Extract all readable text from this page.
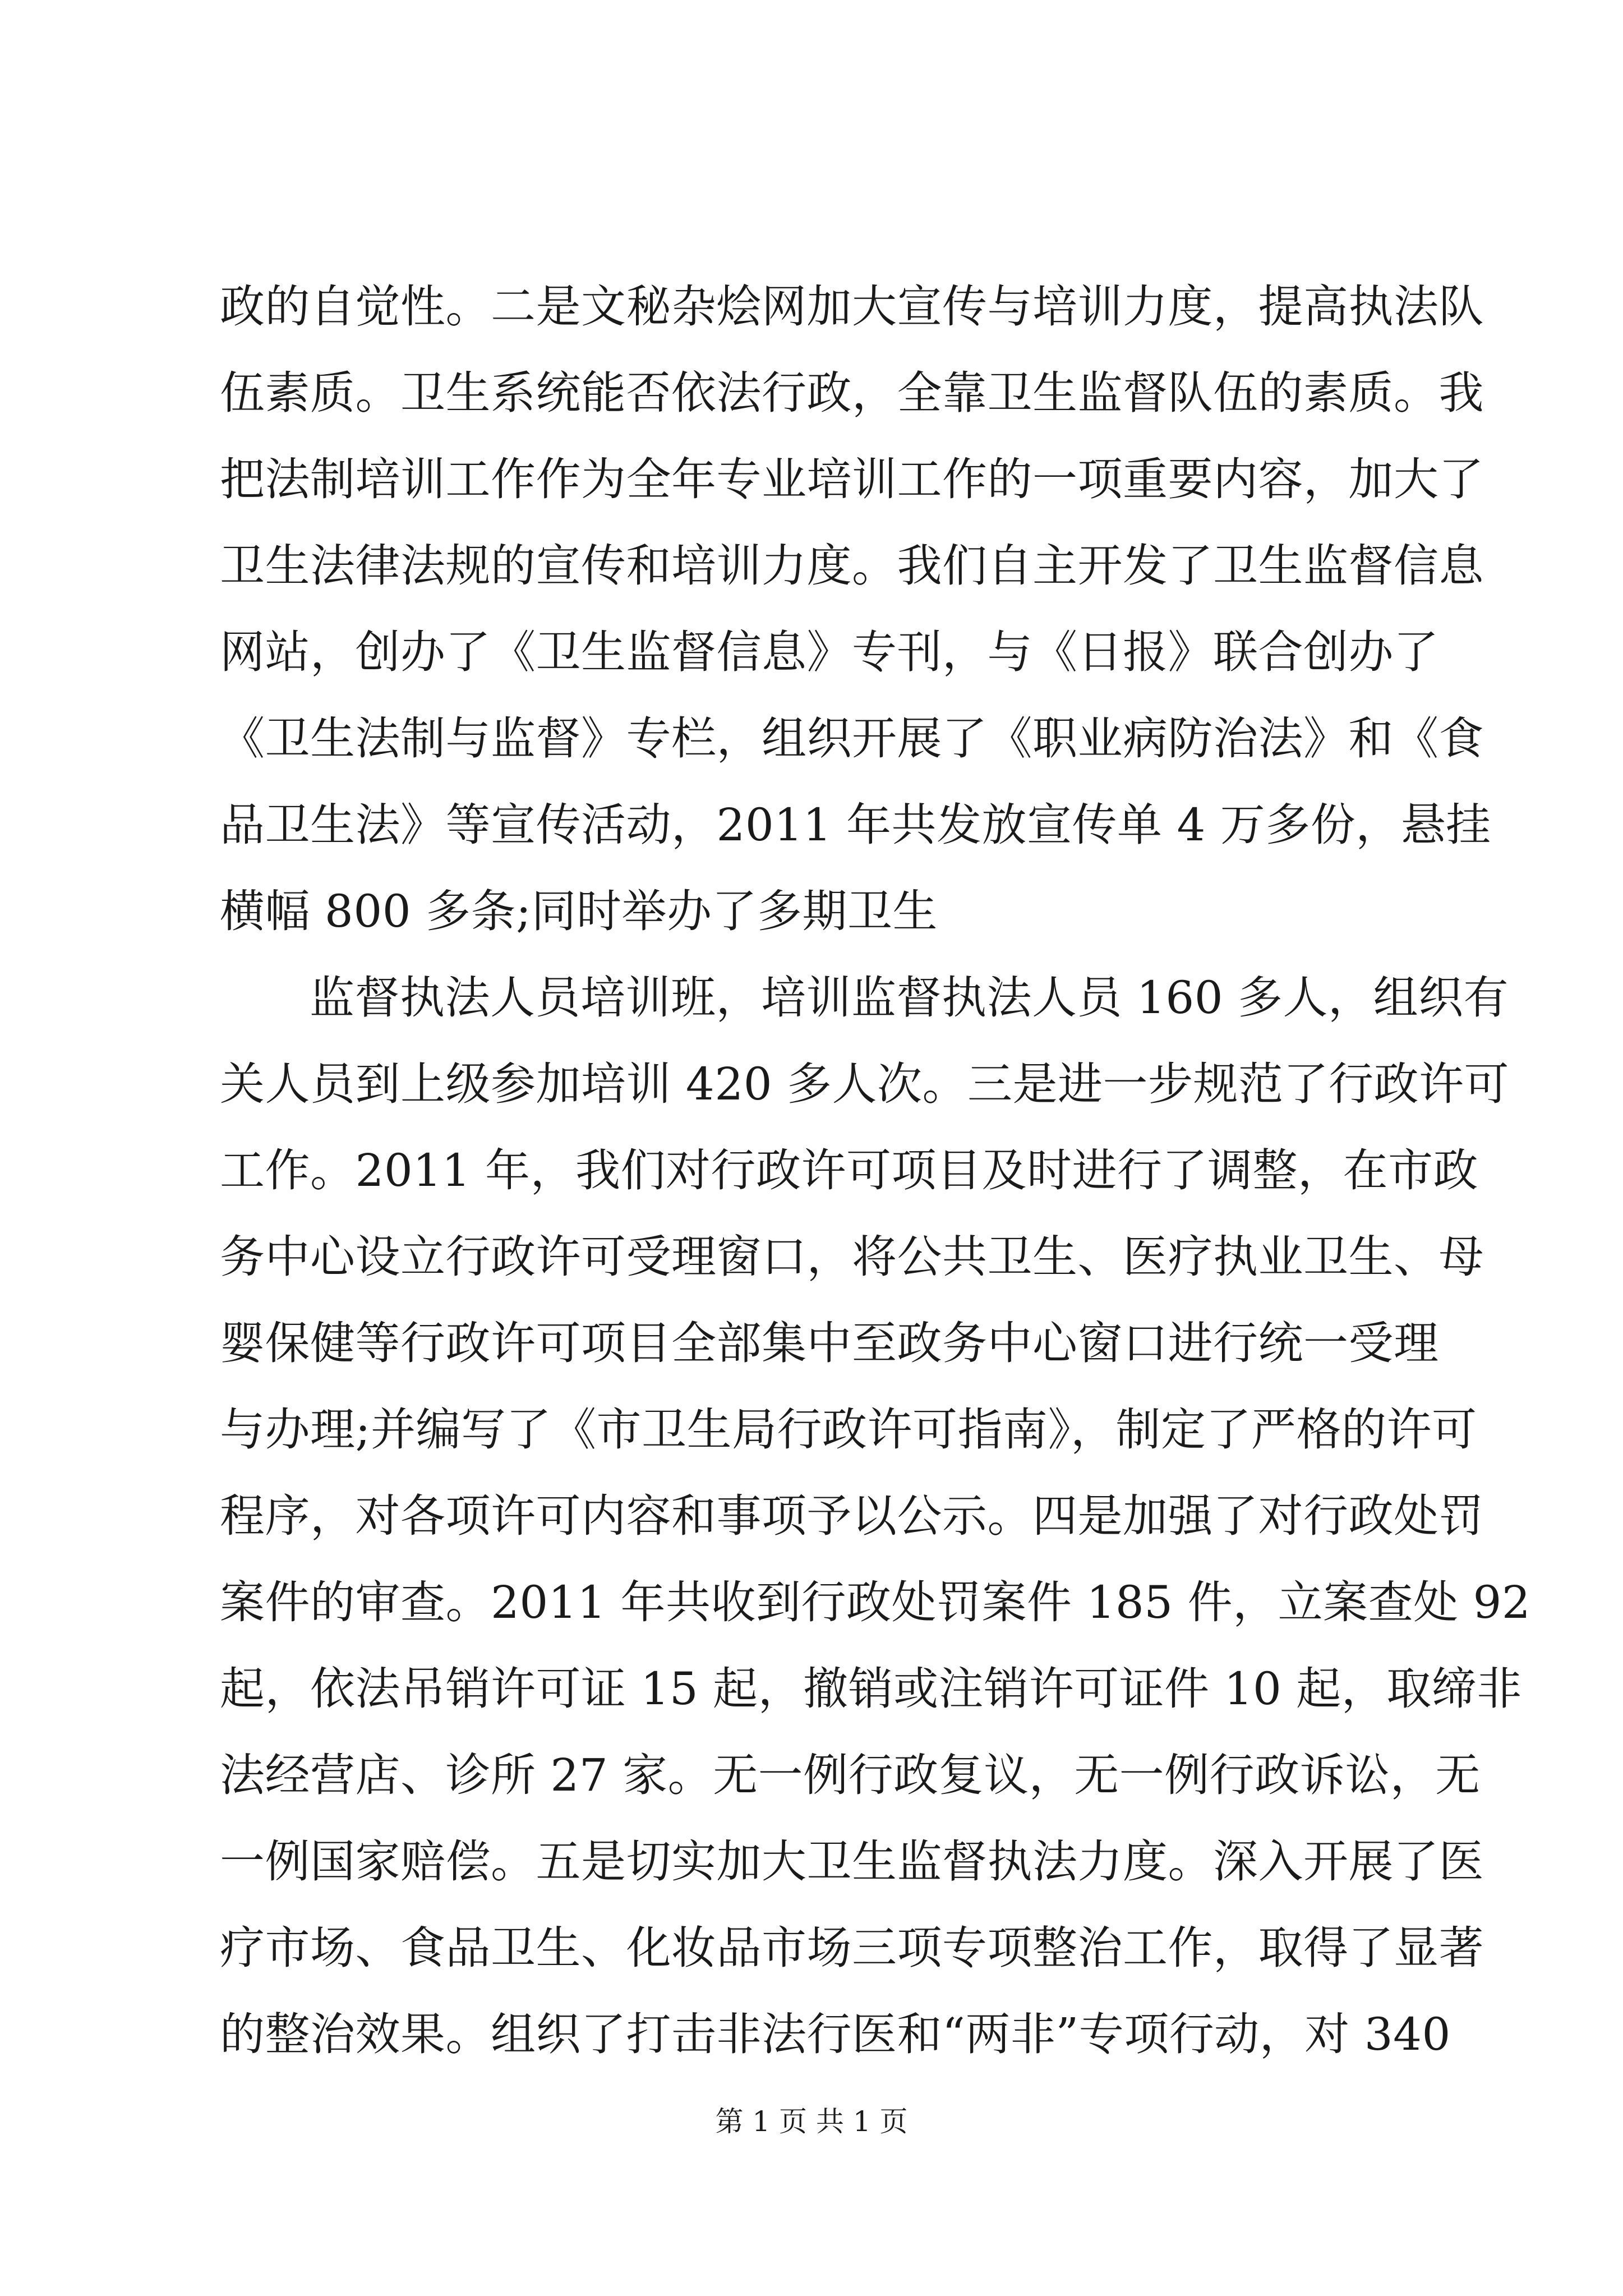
政的自觉性。二是文秘杂烩网加大宣传与培训力度，提高执法队
伍素质。卫生系统能否依法行政，全靠卫生监督队伍的素质。我
把法制培训工作作为全年专业培训工作的一项重要内容，加大了
卫生法律法规的宣传和培训力度。我们自主开发了卫生监督信息
网站，创办了《卫生监督信息》专刊，与《日报》联合创办了
《卫生法制与监督》专栏，组织开展了《职业病防治法》和《食
品卫生法》等宣传活动，2011 年共发放宣传单 4 万多份，悬挂
横幅 800 多条;同时举办了多期卫生
监督执法人员培训班，培训监督执法人员 160 多人，组织有
关人员到上级参加培训 420 多人次。三是进一步规范了行政许可
工作。2011 年，我们对行政许可项目及时进行了调整，在市政
务中心设立行政许可受理窗口，将公共卫生、医疗执业卫生、母
婴保健等行政许可项目全部集中至政务中心窗口进行统一受理
与办理;并编写了《市卫生局行政许可指南》，制定了严格的许可
程序，对各项许可内容和事项予以公示。四是加强了对行政处罚
案件的审查。2011 年共收到行政处罚案件 185 件，立案查处 92
起，依法吊销许可证 15 起，撤销或注销许可证件 10 起，取缔非
法经营店、诊所 27 家。无一例行政复议，无一例行政诉讼，无
一例国家赔偿。五是切实加大卫生监督执法力度。深入开展了医
疗市场、食品卫生、化妆品市场三项专项整治工作，取得了显著
的整治效果。组织了打击非法行医和“两非”专项行动，对 340
第 1 页 共 1 页
